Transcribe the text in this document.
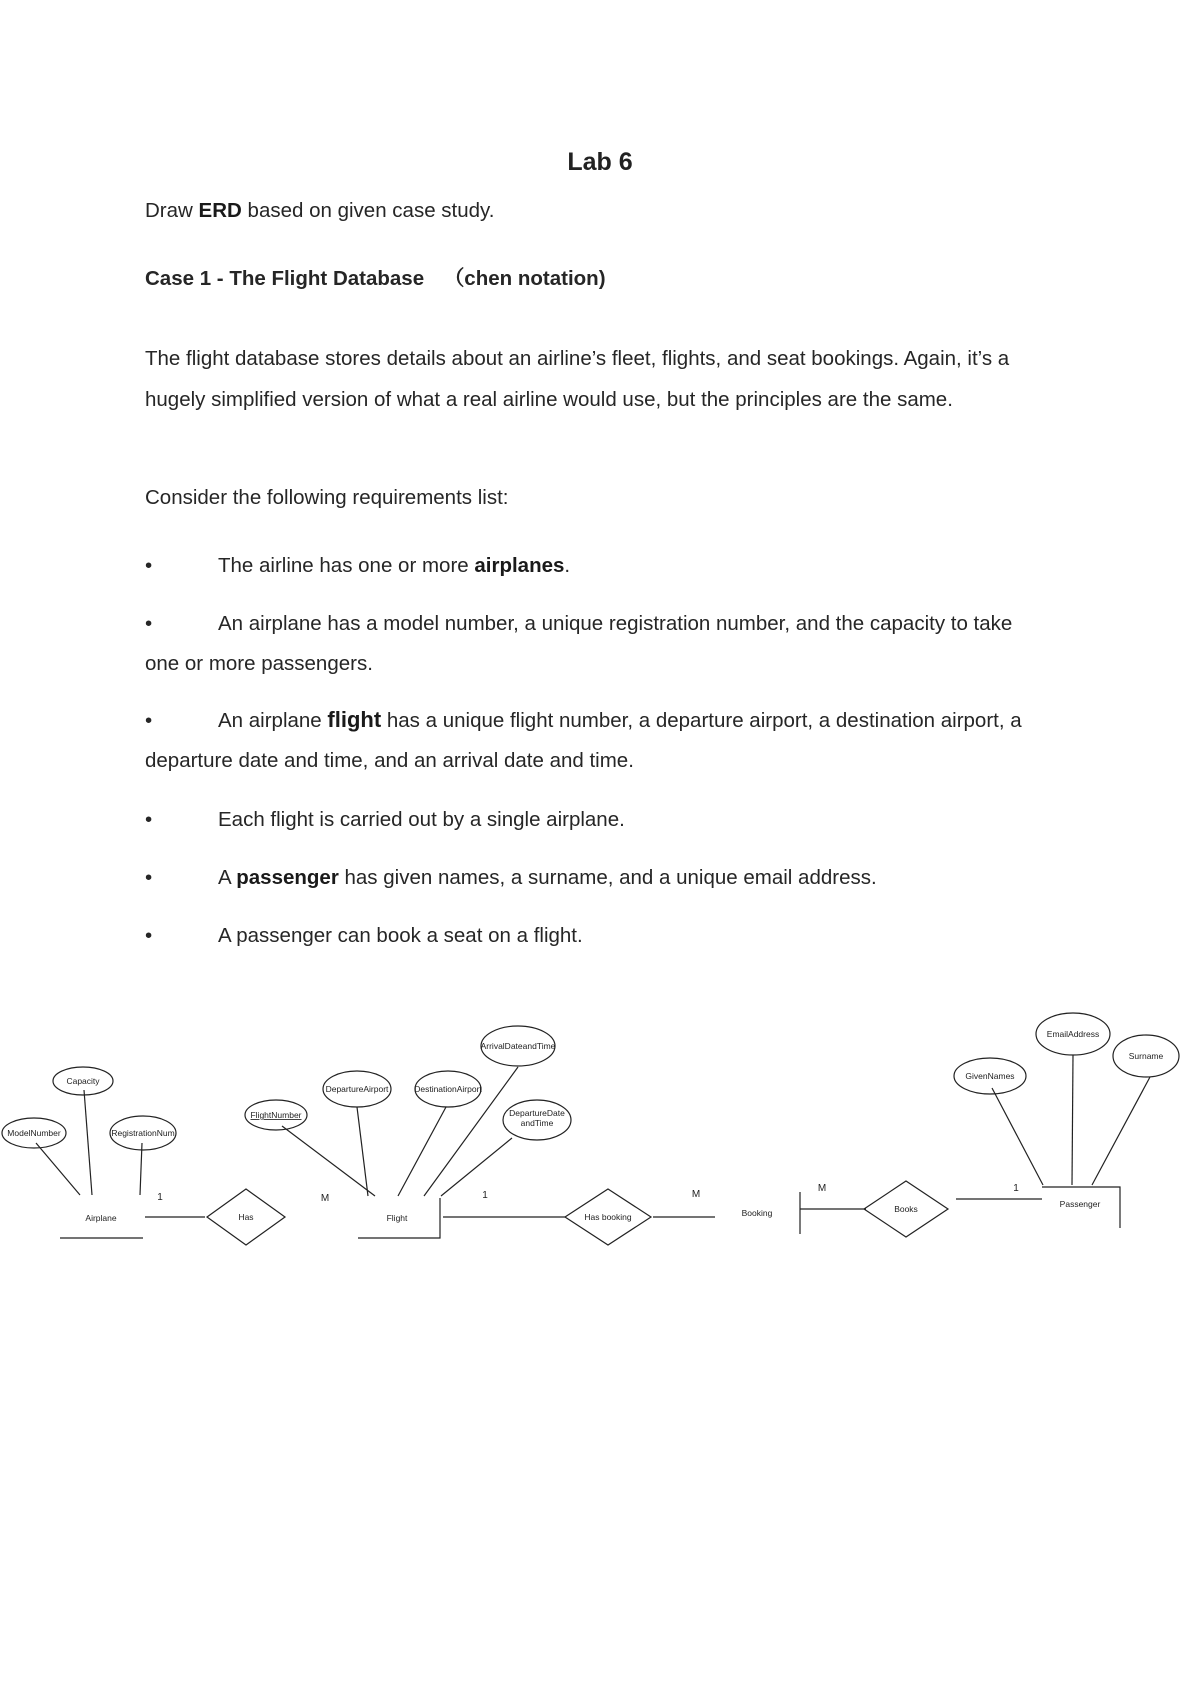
Lab 6
Draw ERD based on given case study.
Case 1 - The Flight Database （chen notation)
The flight database stores details about an airline’s fleet, flights, and seat bookings. Again, it’s a hugely simplified version of what a real airline would use, but the principles are the same.
Consider the following requirements list:
•	The airline has one or more airplanes.
•	An airplane has a model number, a unique registration number, and the capacity to take one or more passengers.
•	An airplane flight has a unique flight number, a departure airport, a destination airport, a departure date and time, and an arrival date and time.
•	Each flight is carried out by a single airplane.
•	A passenger has given names, a surname, and a unique email address.
•	A passenger can book a seat on a flight.
Capacity
ModelNumber	RegistrationNum
FlightNumber
DepartureAirport	DestinationAirport
ArrivalDateandTime
DepartureDate
andTime
GivenNames
EmailAddress
Surname
Airplane	Flight	Booking
Passenger
Has	Has booking
Books
1	M	1	M
M	1
